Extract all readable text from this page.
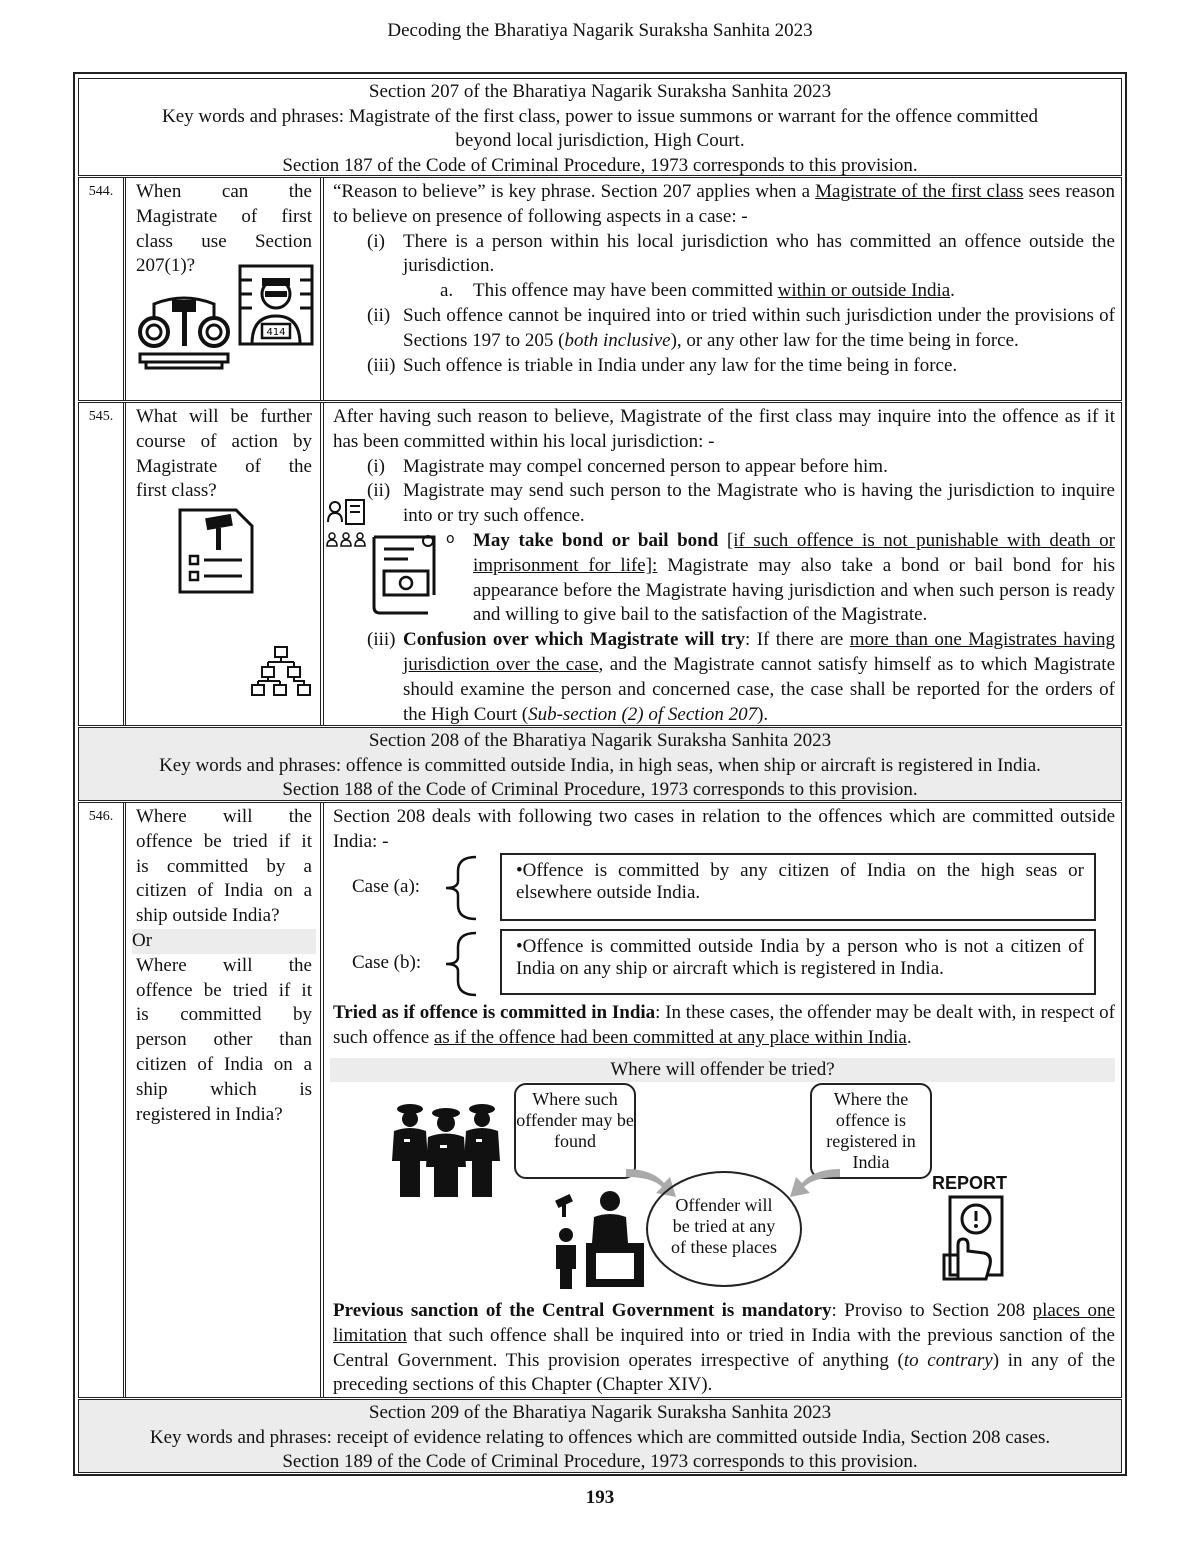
Decoding the Bharatiya Nagarik Suraksha Sanhita 2023
Section 207 of the Bharatiya Nagarik Suraksha Sanhita 2023
Key words and phrases: Magistrate of the first class, power to issue summons or warrant for the offence committed
beyond local jurisdiction, High Court.
Section 187 of the Code of Criminal Procedure, 1973 corresponds to this provision.
544.	When can the
Magistrate of first
class use Section
207(1)?
414
“Reason to believe” is key phrase. Section 207 applies when a Magistrate of the first class sees reason to believe on presence of following aspects in a case: -
(i) There is a person within his local jurisdiction who has committed an offence outside the jurisdiction.
a. This offence may have been committed within or outside India.
(ii) Such offence cannot be inquired into or tried within such jurisdiction under the provisions of Sections 197 to 205 (both inclusive), or any other law for the time being in force.
(iii) Such offence is triable in India under any law for the time being in force.
545.	What will be further
course of action by
Magistrate of the
first class?
After having such reason to believe, Magistrate of the first class may inquire into the offence as if it has been committed within his local jurisdiction: -
(i) Magistrate may compel concerned person to appear before him.
(ii) Magistrate may send such person to the Magistrate who is having the jurisdiction to inquire into or try such offence.
o May take bond or bail bond [if such offence is not punishable with death or imprisonment for life]: Magistrate may also take a bond or bail bond for his appearance before the Magistrate having jurisdiction and when such person is ready and willing to give bail to the satisfaction of the Magistrate.
(iii) Confusion over which Magistrate will try: If there are more than one Magistrates having jurisdiction over the case, and the Magistrate cannot satisfy himself as to which Magistrate should examine the person and concerned case, the case shall be reported for the orders of the High Court (Sub-section (2) of Section 207).
Section 208 of the Bharatiya Nagarik Suraksha Sanhita 2023
Key words and phrases: offence is committed outside India, in high seas, when ship or aircraft is registered in India.
Section 188 of the Code of Criminal Procedure, 1973 corresponds to this provision.
546.	Where will the
offence be tried if it
is committed by a
citizen of India on a
ship outside India?
Or
Where will the
offence be tried if it
is committed by
person other than
citizen of India on a
ship which is
registered in India?
Section 208 deals with following two cases in relation to the offences which are committed outside India: -
Case (a):
•Offence is committed by any citizen of India on the high seas or elsewhere outside India.
Case (b):
•Offence is committed outside India by a person who is not a citizen of India on any ship or aircraft which is registered in India.
Tried as if offence is committed in India: In these cases, the offender may be dealt with, in respect of such offence as if the offence had been committed at any place within India.
Where will offender be tried?
Where such offender may be found
Where the offence is registered in India
Offender will be tried at any of these places
REPORT
Previous sanction of the Central Government is mandatory: Proviso to Section 208 places one limitation that such offence shall be inquired into or tried in India with the previous sanction of the Central Government. This provision operates irrespective of anything (to contrary) in any of the preceding sections of this Chapter (Chapter XIV).
Section 209 of the Bharatiya Nagarik Suraksha Sanhita 2023
Key words and phrases: receipt of evidence relating to offences which are committed outside India, Section 208 cases.
Section 189 of the Code of Criminal Procedure, 1973 corresponds to this provision.
193
